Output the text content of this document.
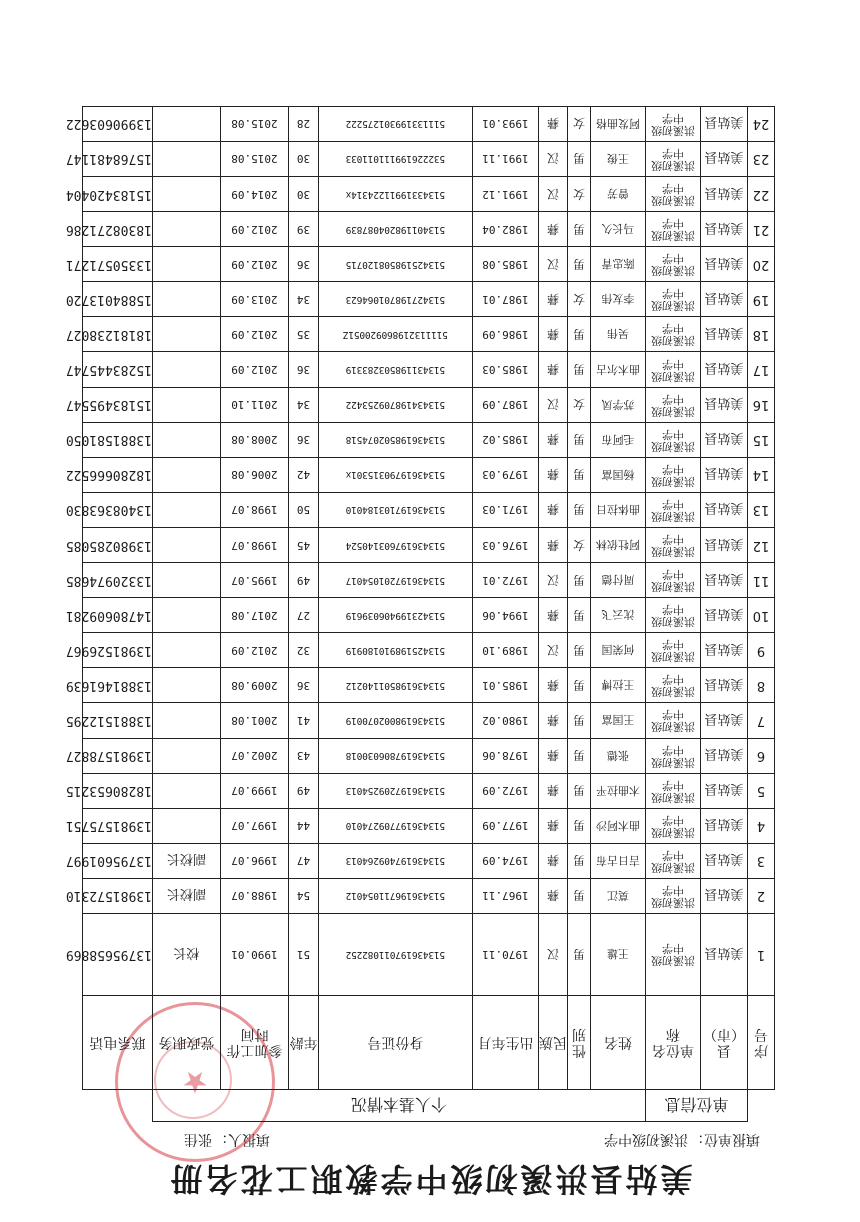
美姑县洪溪初级中学教职工花名册
填报单位：洪溪初级中学
填报人：张佳
★
	单位信息		个人基本情况								
序号	县（市）	单位名称	姓名	性别	民族	出生年月	身份证号	年龄	参加工作时间	党政职务	联系电话
1	美姑县	洪溪初级中学	王雄	男	汉	1970.11	513436197011082252	51	1990.01	校长	13795658869
2	美姑县	洪溪初级中学	莫江	男	彝	1967.11	513436196711054012	54	1988.07	副校长	13981572310
3	美姑县	洪溪初级中学	吉日古布	男	彝	1974.09	513436197409264013	47	1996.07	副校长	13795601997
4	美姑县	洪溪初级中学	曲木阿沙	男	彝	1977.09	513436197709274010	44	1997.07		13981575751
5	美姑县	洪溪初级中学	木曲拉平	男	彝	1972.09	513436197209254013	49	1999.07		18280653215
6	美姑县	洪溪初级中学	张德	男	彝	1978.06	513436197806030018	43	2002.07		13981578827
7	美姑县	洪溪初级中学	王国富	男	彝	1980.02	513436198002070019	41	2001.08		13881512295
8	美姑县	洪溪初级中学	王拉博	男	彝	1985.01	513436198501140212	36	2009.08		13881461639
9	美姑县	洪溪初级中学	何荣国	男	汉	1989.10	513425198910180919	32	2012.09		13981526967
10	美姑县	洪溪初级中学	沈云飞	男	彝	1994.06	513423199406039619	27	2017.08		14780609281
11	美姑县	洪溪初级中学	周付德	男	汉	1972.01	513436197201054017	49	1995.07		13320974685
12	美姑县	洪溪初级中学	阿牡依林	女	彝	1976.03	513436197603140524	45	1998.07		13980285085
13	美姑县	洪溪初级中学	曲体拉日	男	彝	1971.03	513436197103184010	50	1998.07		13408363830
14	美姑县	洪溪初级中学	杨国富	男	彝	1979.03	51343619790315301x	42	2006.08		18280666522
15	美姑县	洪溪初级中学	毛阿布	男	彝	1985.02	513436198502074518	36	2008.08		13881581050
16	美姑县	洪溪初级中学	苏学凤	女	汉	1987.09	513434198709253422	34	2011.10		15183495547
17	美姑县	洪溪初级中学	曲木尔古	男	彝	1985.03	513431198503283319	36	2012.09		15283445747
18	美姑县	洪溪初级中学	吴伟	男	彝	1986.09	511113219860920051Z	35	2012.09		18181238027
19	美姑县	洪溪初级中学	李友伟	女	彝	1987.01	513427198701064623	34	2013.09		15884013720
20	美姑县	洪溪初级中学	陈忠青	男	汉	1985.08	513425198508120715	36	2012.09		13350571271
21	美姑县	洪溪初级中学	马长久	男	彝	1982.04	513401198204087839	39	2012.09		18308271286
22	美姑县	洪溪初级中学	曾芳	女	汉	1991.12	51343319911224314x	30	2014.09		15183420404
23	美姑县	洪溪初级中学	王俊	男	汉	1991.11	532226199111011033	30	2015.08		15768481147
24	美姑县	洪溪初级中学	阿发曲格	女	彝	1993.01	511133199301275222	28	2015.08		13990603622
